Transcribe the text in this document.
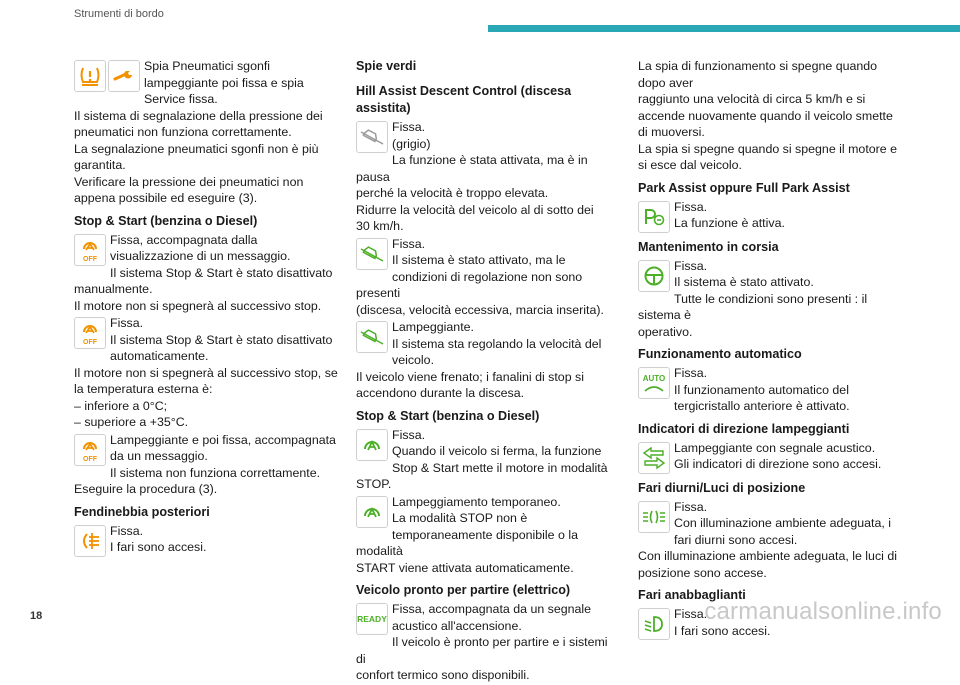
Strumenti di bordo

Spia Pneumatici sgonfi

lampeggiante poi fissa e spia

Service fissa.

Il sistema di segnalazione della pressione dei

pneumatici non funziona correttamente.

La segnalazione pneumatici sgonfi non è più

garantita.

Verificare la pressione dei pneumatici non

appena possibile ed eseguire (3).

Stop & Start (benzina o Diesel)
OFF

Fissa, accompagnata dalla

visualizzazione di un messaggio.

Il sistema Stop & Start è stato disattivato

manualmente.

Il motore non si spegnerà al successivo stop.

OFF

Fissa.

Il sistema Stop & Start è stato disattivato

automaticamente.

Il motore non si spegnerà al successivo stop, se

la temperatura esterna è:

– inferiore a 0°C;

– superiore a +35°C.

OFF

Lampeggiante e poi fissa, accompagnata

da un messaggio.

Il sistema non funziona correttamente.

Eseguire la procedura (3).

Fendinebbia posteriori

Fissa.

I fari sono accesi.

Spie verdi
Hill Assist Descent Control (discesa assistita)

Fissa.

(grigio)

La funzione è stata attivata, ma è in pausa

perché la velocità è troppo elevata.

Ridurre la velocità del veicolo al di sotto dei

30 km/h.

Fissa.

Il sistema è stato attivato, ma le

condizioni di regolazione non sono presenti

(discesa, velocità eccessiva, marcia inserita).

Lampeggiante.

Il sistema sta regolando la velocità del

veicolo.

Il veicolo viene frenato; i fanalini di stop si

accendono durante la discesa.

Stop & Start (benzina o Diesel)

Fissa.

Quando il veicolo si ferma, la funzione

Stop & Start mette il motore in modalità STOP.

Lampeggiamento temporaneo.

La modalità STOP non è

temporaneamente disponibile o la modalità

START viene attivata automaticamente.

Veicolo pronto per partire (elettrico)
READY

Fissa, accompagnata da un segnale

acustico all'accensione.

Il veicolo è pronto per partire e i sistemi di

confort termico sono disponibili.

La spia di funzionamento si spegne quando dopo aver

raggiunto una velocità di circa 5 km/h e si

accende nuovamente quando il veicolo smette

di muoversi.

La spia si spegne quando si spegne il motore e

si esce dal veicolo.

Park Assist oppure Full Park Assist

Fissa.

La funzione è attiva.

Mantenimento in corsia

Fissa.

Il sistema è stato attivato.

Tutte le condizioni sono presenti : il sistema è

operativo.

Funzionamento automatico
AUTO Fissa.

Il funzionamento automatico del

tergicristallo anteriore è attivato.

Indicatori di direzione lampeggianti

Lampeggiante con segnale acustico.

Gli indicatori di direzione sono accesi.

Fari diurni/Luci di posizione

Fissa.

Con illuminazione ambiente adeguata, i

fari diurni sono accesi.

Con illuminazione ambiente adeguata, le luci di

posizione sono accese.

Fari anabbaglianti

Fissa.

I fari sono accesi.

18	carmanualsonline.info
